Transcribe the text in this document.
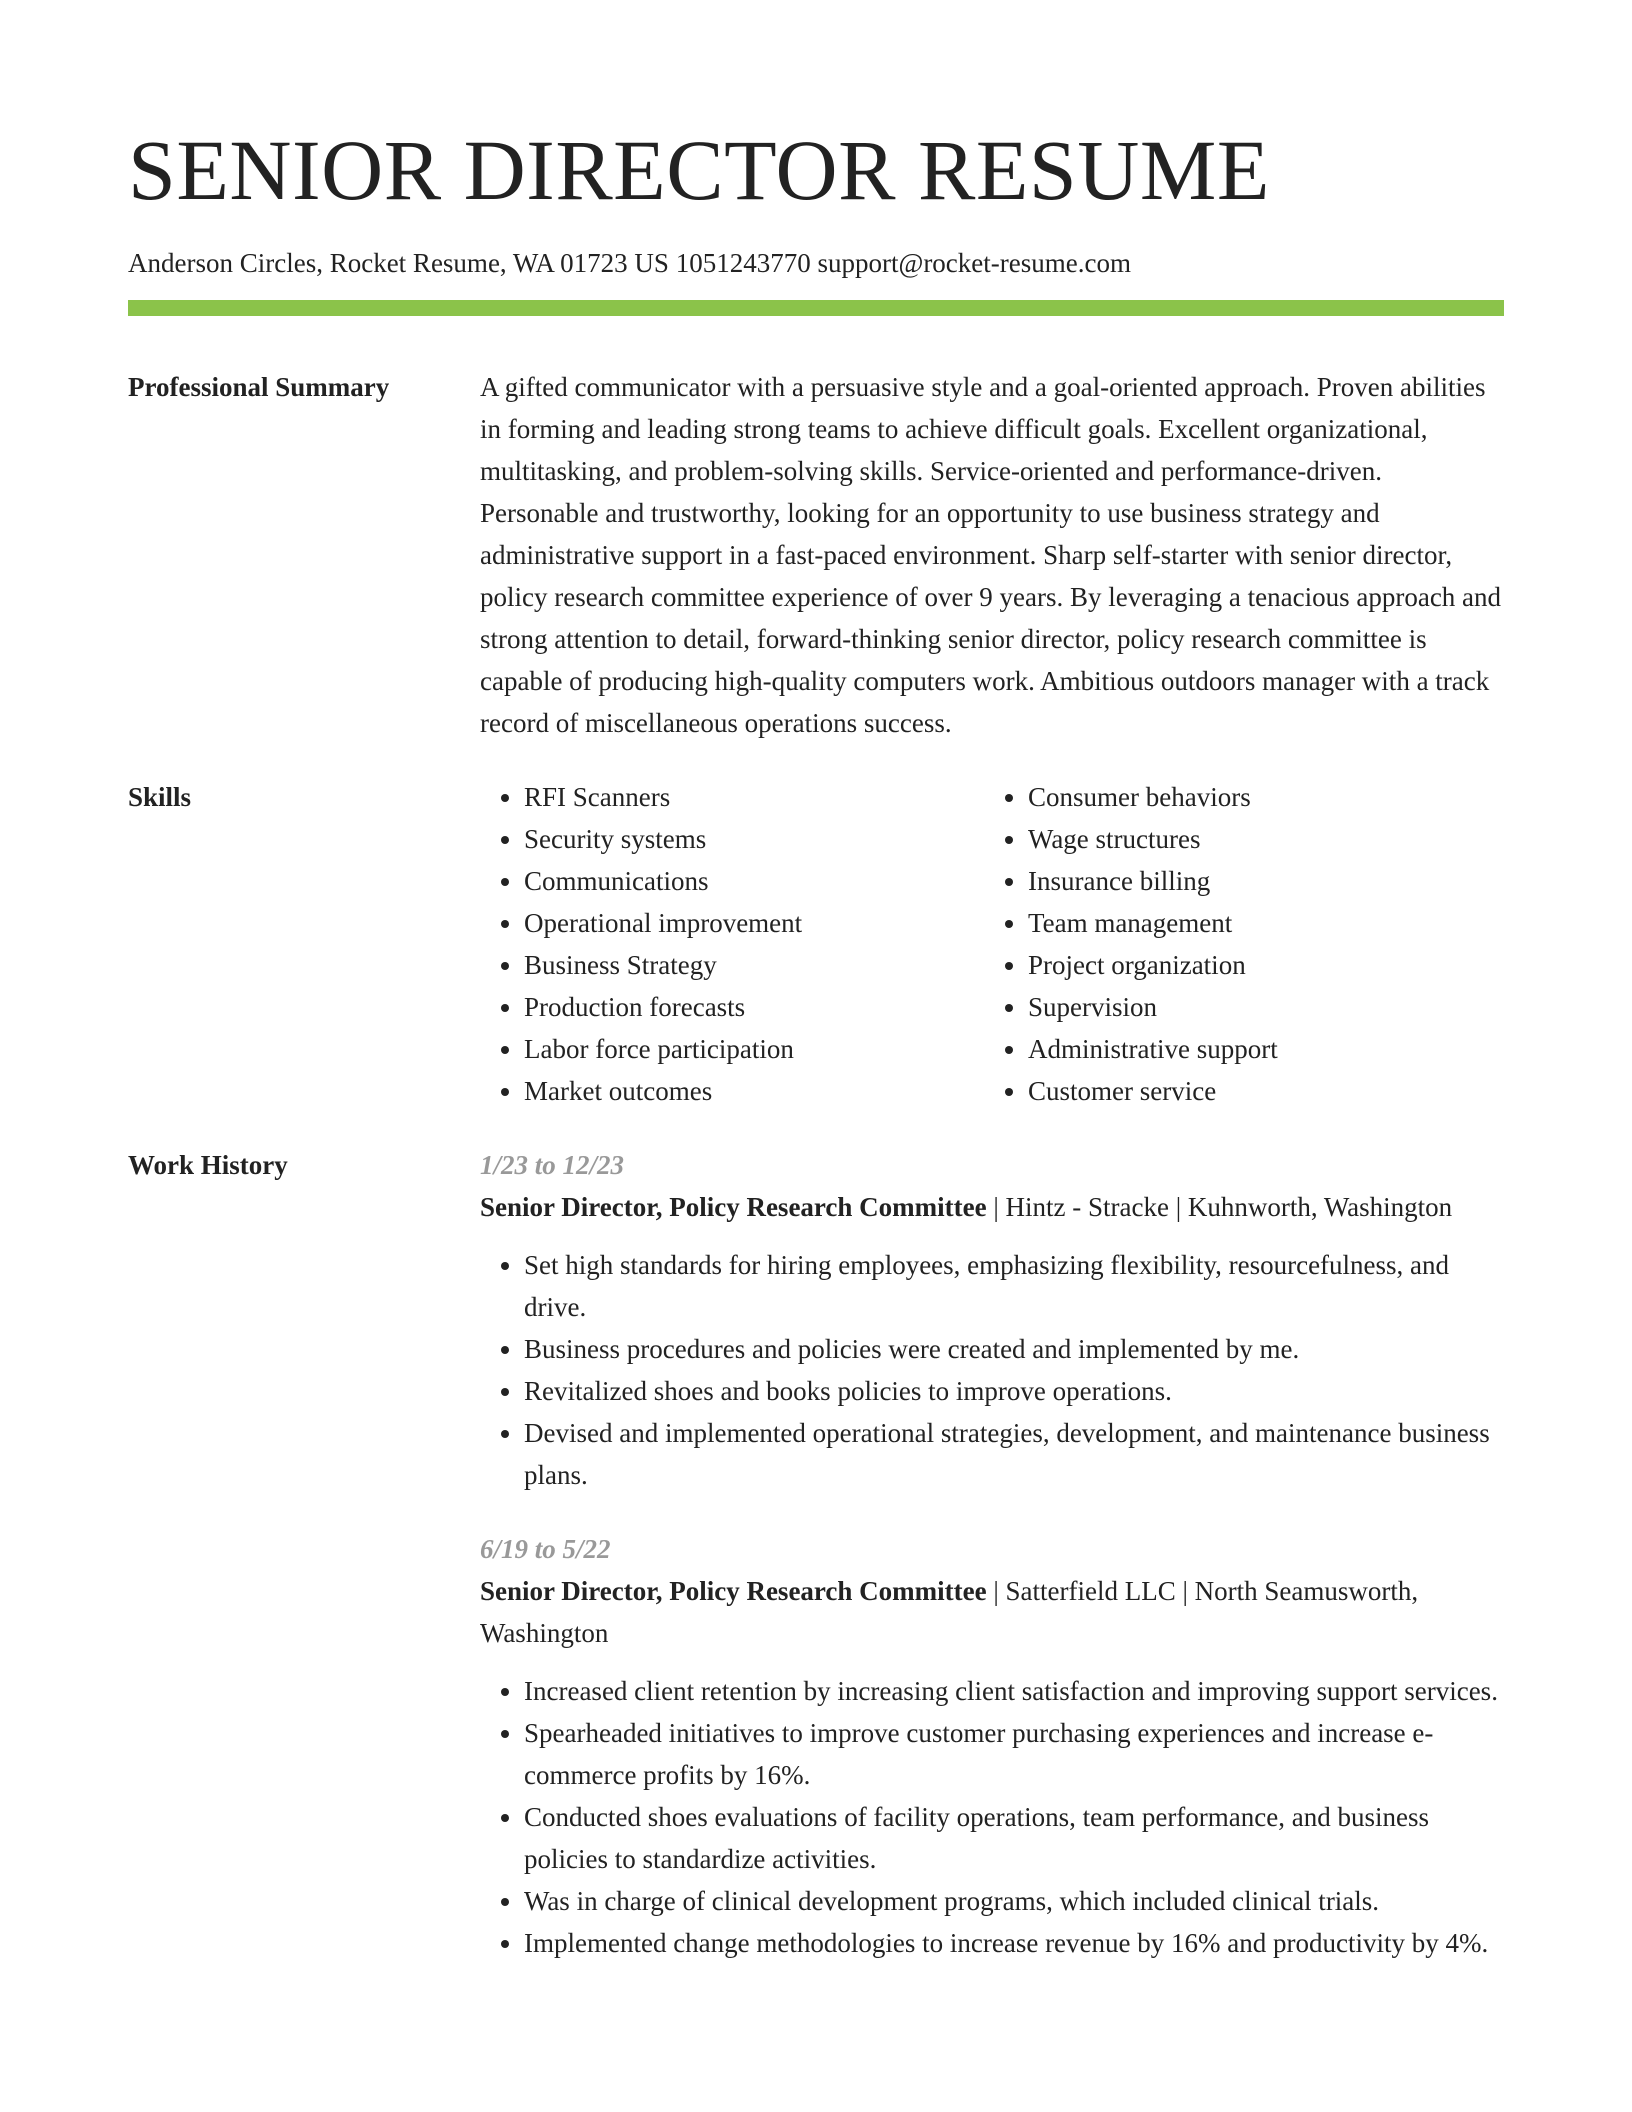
SENIOR DIRECTOR RESUME
Anderson Circles, Rocket Resume, WA 01723 US 1051243770 support@rocket-resume.com
Professional Summary	A gifted communicator with a persuasive style and a goal-oriented approach. Proven abilities in forming and leading strong teams to achieve difficult goals. Excellent organizational, multitasking, and problem-solving skills. Service-oriented and performance-driven. Personable and trustworthy, looking for an opportunity to use business strategy and administrative support in a fast-paced environment. Sharp self-starter with senior director, policy research committee experience of over 9 years. By leveraging a tenacious approach and strong attention to detail, forward-thinking senior director, policy research committee is capable of producing high-quality computers work. Ambitious outdoors manager with a track record of miscellaneous operations success.
Skills
•	RFI Scanners
• Security systems
• Communications
• Operational improvement
• Business Strategy
• Production forecasts
• Labor force participation
• Market outcomes
• Consumer behaviors
• Wage structures
• Insurance billing
• Team management
• Project organization
• Supervision
• Administrative support
• Customer service
Work History	1/23 to 12/23
Senior Director, Policy Research Committee | Hintz - Stracke | Kuhnworth, Washington
• Set high standards for hiring employees, emphasizing flexibility, resourcefulness, and drive.
• Business procedures and policies were created and implemented by me.
• Revitalized shoes and books policies to improve operations.
• Devised and implemented operational strategies, development, and maintenance business plans.
6/19 to 5/22
Senior Director, Policy Research Committee | Satterfield LLC | North Seamusworth, Washington
• Increased client retention by increasing client satisfaction and improving support services.
• Spearheaded initiatives to improve customer purchasing experiences and increase e-commerce profits by 16%.
• Conducted shoes evaluations of facility operations, team performance, and business policies to standardize activities.
• Was in charge of clinical development programs, which included clinical trials.
• Implemented change methodologies to increase revenue by 16% and productivity by 4%.
